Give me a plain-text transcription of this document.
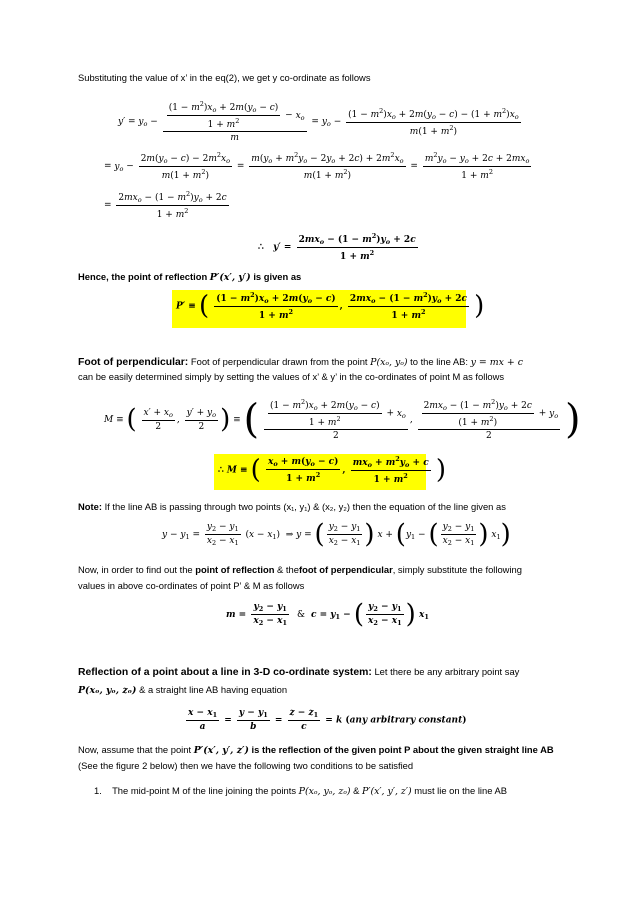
Substituting the value of x’ in the eq(2), we get y co-ordinate as follows
$y' = y_o - \frac{\frac{(1 - m^2)x_o + 2m(y_o - c)}{1 + m^2} - x_o}{m} = y_o - \frac{(1 - m^2)x_o + 2m(y_o - c) - (1 + m^2)x_o}{m(1 + m^2)}$
= $y_o - \frac{2m(y_o - c) - 2m^2x_o}{m(1 + m^2)} = \frac{m(y_o + m^2y_o - 2y_o + 2c) + 2m^2x_o}{m(1 + m^2)} = \frac{m^2y_o - y_o + 2c + 2mx_o}{1 + m^2}$
= $\frac{2mx_o - (1 - m^2)y_o + 2c}{1 + m^2}$
∴   $y' = \frac{2mx_o - (1 - m^2)y_o + 2c}{1 + m^2}$
Hence, the point of reflection P′(x′, y′) is given as
P′ ≡ ( $\frac{(1 - m^2)x_o + 2m(y_o - c)}{1 + m^2}$ , $\frac{2mx_o - (1 - m^2)y_o + 2c}{1 + m^2}$ )
Foot of perpendicular: Foot of perpendicular drawn from the point P(xₒ, yₒ) to the line AB: y = mx + c
can be easily determined simply by setting the values of x’ & y’ in the co-ordinates of point M as follows
M ≡ ( $\frac{x' + x_o}{2}$ , $\frac{y' + y_o}{2}$ ) ≡ ( $\frac{\frac{(1 - m^2)x_o + 2m(y_o - c)}{1 + m^2} + x_o}{2}$ , $\frac{\frac{2mx_o - (1 - m^2)y_o + 2c}{(1 + m^2)} + y_o}{2}$ )
∴ M ≡ ( $\frac{x_o + m(y_o - c)}{1 + m^2}$ , $\frac{mx_o + m^2y_o + c}{1 + m^2}$ )
Note: If the line AB is passing through two points (x₁, y₁) & (x₂, y₂) then the equation of the line given as
$y - y_1 = \frac{y_2 - y_1}{x_2 - x_1} (x - x_1)$  ⇒ y = ( $\frac{y_2 - y_1}{x_2 - x_1}$ ) $x + (y_1$ − ( $\frac{y_2 - y_1}{x_2 - x_1}$ ) $x_1$)
Now, in order to find out the point of reflection & thefoot of perpendicular, simply substitute the following
values in above co-ordinates of point P’ & M as follows
$m = \frac{y_2 - y_1}{x_2 - x_1}$ &  $c = y_1$ − ( $\frac{y_2 - y_1}{x_2 - x_1}$ ) $x_1$
Reflection of a point about a line in 3-D co-ordinate system: Let there be any arbitrary point say
P(xₒ, yₒ, zₒ) & a straight line AB having equation
$\frac{x - x_1}{a} = \frac{y - y_1}{b} = \frac{z - z_1}{c} = k$ (any arbitrary constant)
Now, assume that the point P′(x′, y′, z′) is the reflection of the given point P about the given straight line AB
(See the figure 2 below) then we have the following two conditions to be satisfied
1. The mid-point M of the line joining the points P(xₒ, yₒ, zₒ) & P′(x′, y′, z′) must lie on the line AB
